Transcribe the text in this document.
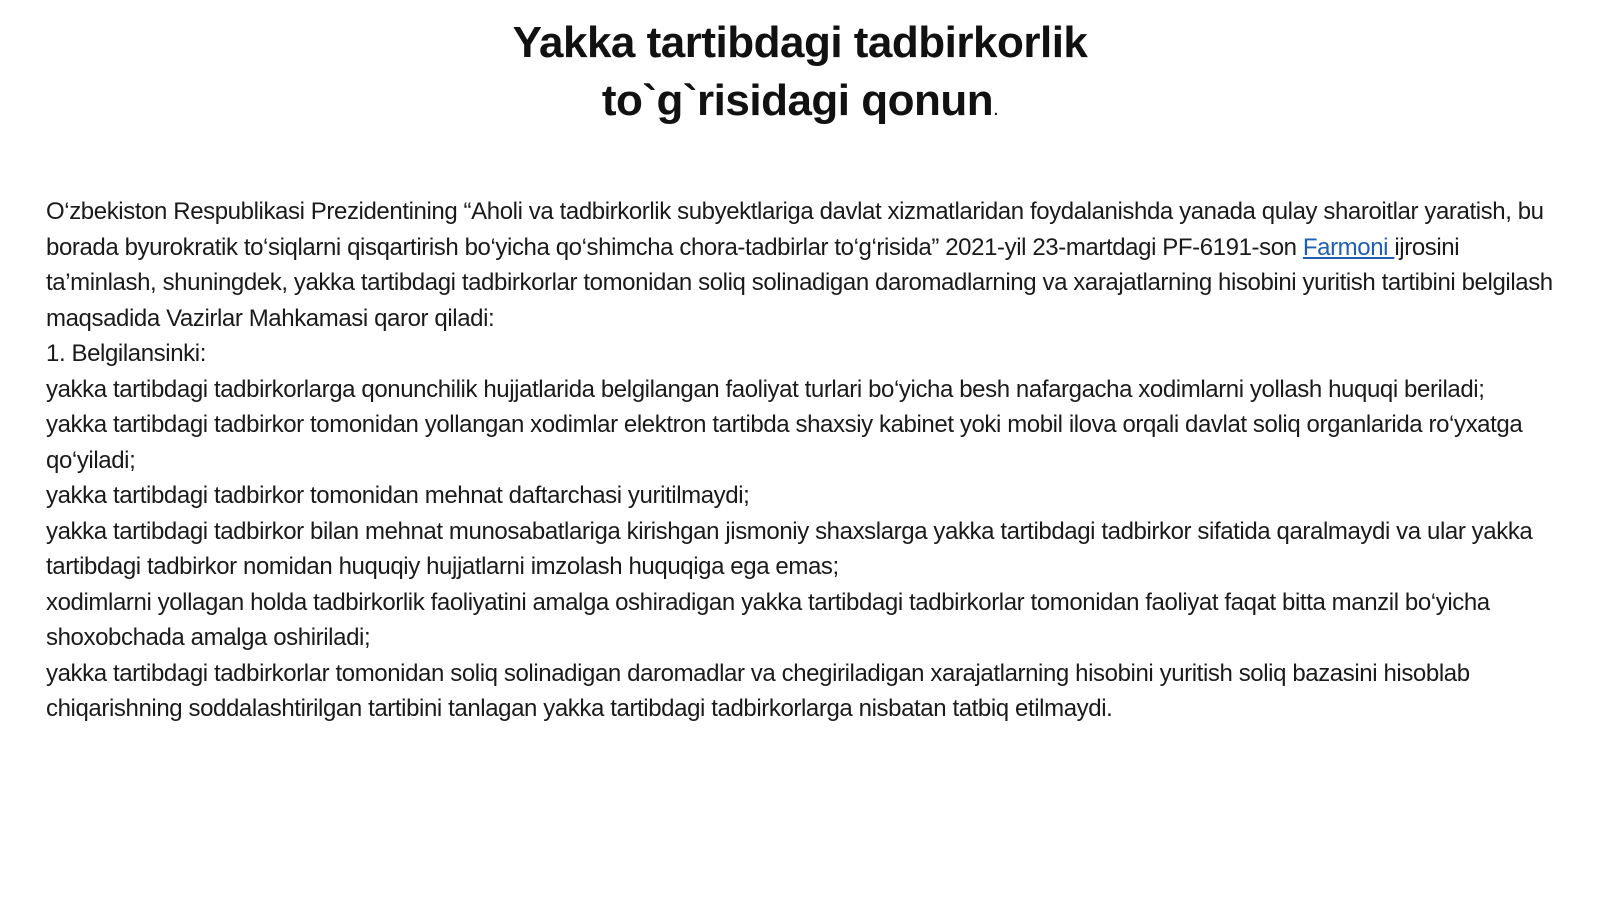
Yakka tartibdagi tadbirkorlik
to`g`risidagi qonun.

O‘zbekiston Respublikasi Prezidentining “Aholi va tadbirkorlik subyektlariga davlat xizmatlaridan foydalanishda yanada qulay sharoitlar yaratish, bu borada byurokratik to‘siqlarni qisqartirish bo‘yicha qo‘shimcha chora-tadbirlar to‘g‘risida” 2021-yil 23-martdagi PF-6191-son Farmoni ijrosini ta’minlash, shuningdek, yakka tartibdagi tadbirkorlar tomonidan soliq solinadigan daromadlarning va xarajatlarning hisobini yuritish tartibini belgilash maqsadida Vazirlar Mahkamasi qaror qiladi:

1. Belgilansinki:

yakka tartibdagi tadbirkorlarga qonunchilik hujjatlarida belgilangan faoliyat turlari bo‘yicha besh nafargacha xodimlarni yollash huquqi beriladi;

yakka tartibdagi tadbirkor tomonidan yollangan xodimlar elektron tartibda shaxsiy kabinet yoki mobil ilova orqali davlat soliq organlarida ro‘yxatga qo‘yiladi;

yakka tartibdagi tadbirkor tomonidan mehnat daftarchasi yuritilmaydi;

yakka tartibdagi tadbirkor bilan mehnat munosabatlariga kirishgan jismoniy shaxslarga yakka tartibdagi tadbirkor sifatida qaralmaydi va ular yakka tartibdagi tadbirkor nomidan huquqiy hujjatlarni imzolash huquqiga ega emas;

xodimlarni yollagan holda tadbirkorlik faoliyatini amalga oshiradigan yakka tartibdagi tadbirkorlar tomonidan faoliyat faqat bitta manzil bo‘yicha shoxobchada amalga oshiriladi;

yakka tartibdagi tadbirkorlar tomonidan soliq solinadigan daromadlar va chegiriladigan xarajatlarning hisobini yuritish soliq bazasini hisoblab chiqarishning soddalashtirilgan tartibini tanlagan yakka tartibdagi tadbirkorlarga nisbatan tatbiq etilmaydi.
